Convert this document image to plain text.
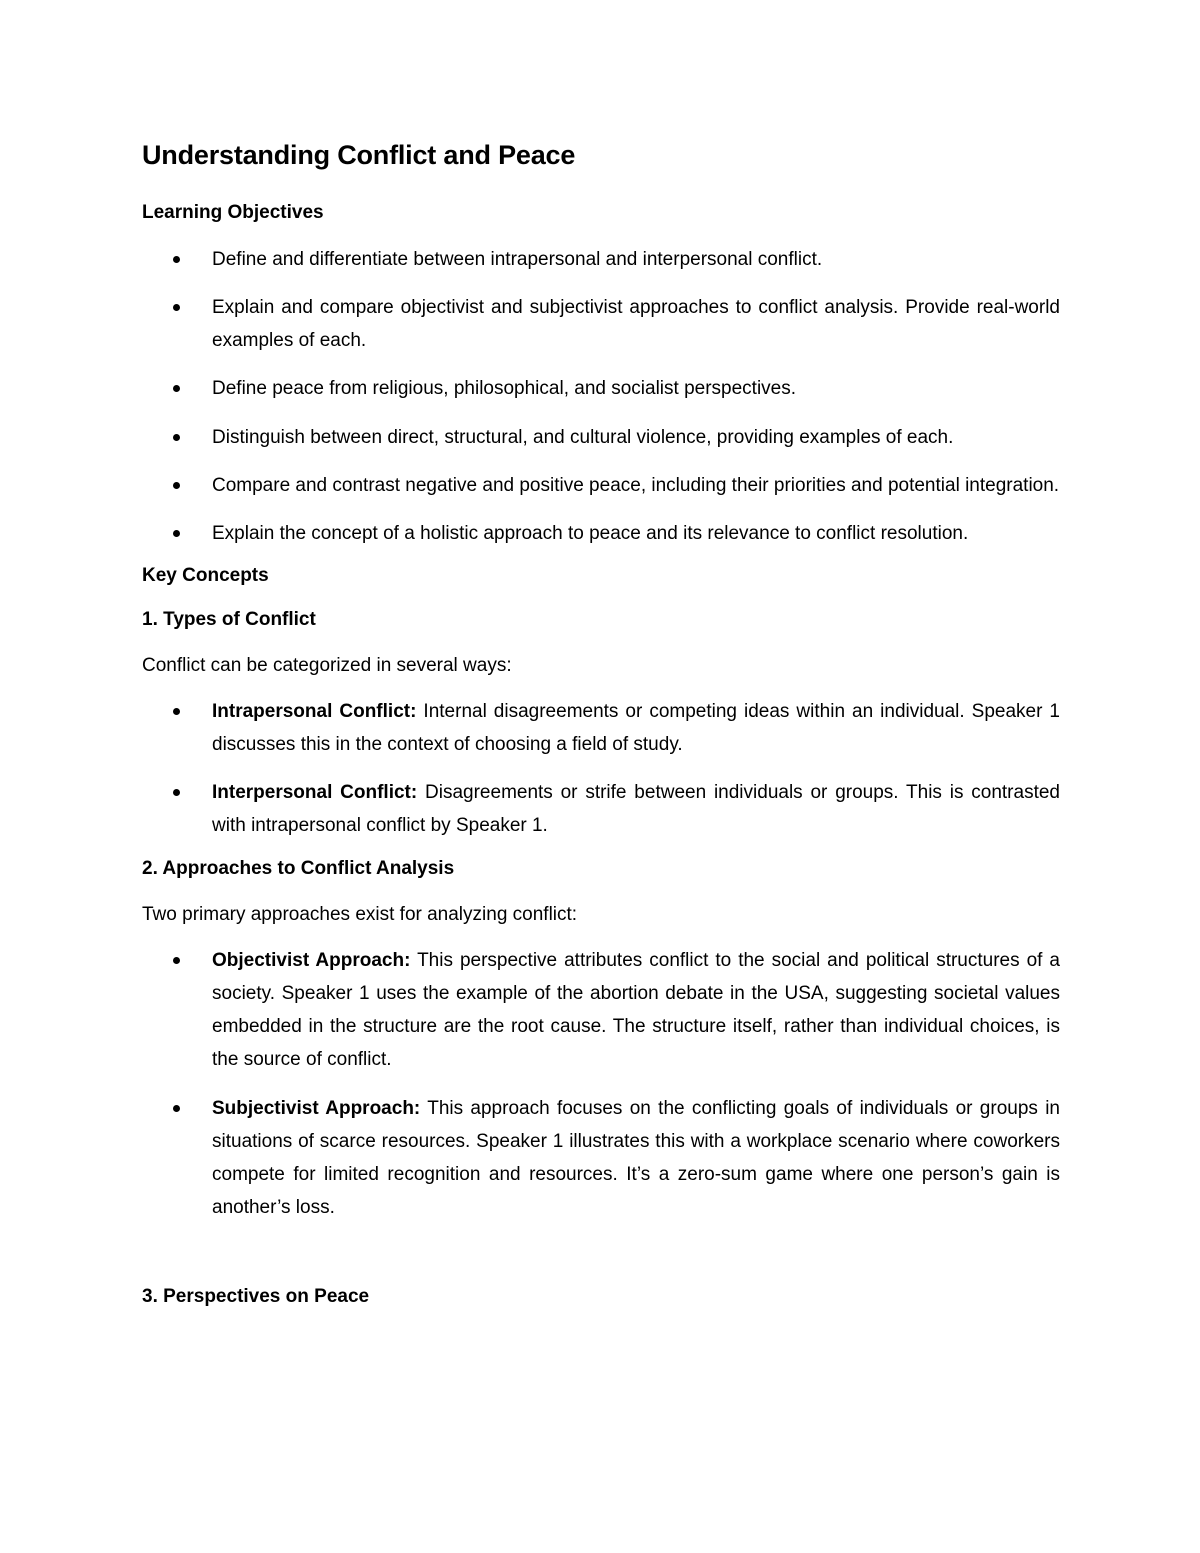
Understanding Conflict and Peace
Learning Objectives
Define and differentiate between intrapersonal and interpersonal conflict.
Explain and compare objectivist and subjectivist approaches to conflict analysis. Provide real-world examples of each.
Define peace from religious, philosophical, and socialist perspectives.
Distinguish between direct, structural, and cultural violence, providing examples of each.
Compare and contrast negative and positive peace, including their priorities and potential integration.
Explain the concept of a holistic approach to peace and its relevance to conflict resolution.
Key Concepts
1. Types of Conflict

Conflict can be categorized in several ways:

Intrapersonal Conflict: Internal disagreements or competing ideas within an individual. Speaker 1 discusses this in the context of choosing a field of study.
Interpersonal Conflict: Disagreements or strife between individuals or groups. This is contrasted with intrapersonal conflict by Speaker 1.
2. Approaches to Conflict Analysis

Two primary approaches exist for analyzing conflict:

Objectivist Approach: This perspective attributes conflict to the social and political structures of a society. Speaker 1 uses the example of the abortion debate in the USA, suggesting societal values embedded in the structure are the root cause. The structure itself, rather than individual choices, is the source of conflict.
Subjectivist Approach: This approach focuses on the conflicting goals of individuals or groups in situations of scarce resources. Speaker 1 illustrates this with a workplace scenario where coworkers compete for limited recognition and resources. It’s a zero-sum game where one person’s gain is another’s loss.
3. Perspectives on Peace
